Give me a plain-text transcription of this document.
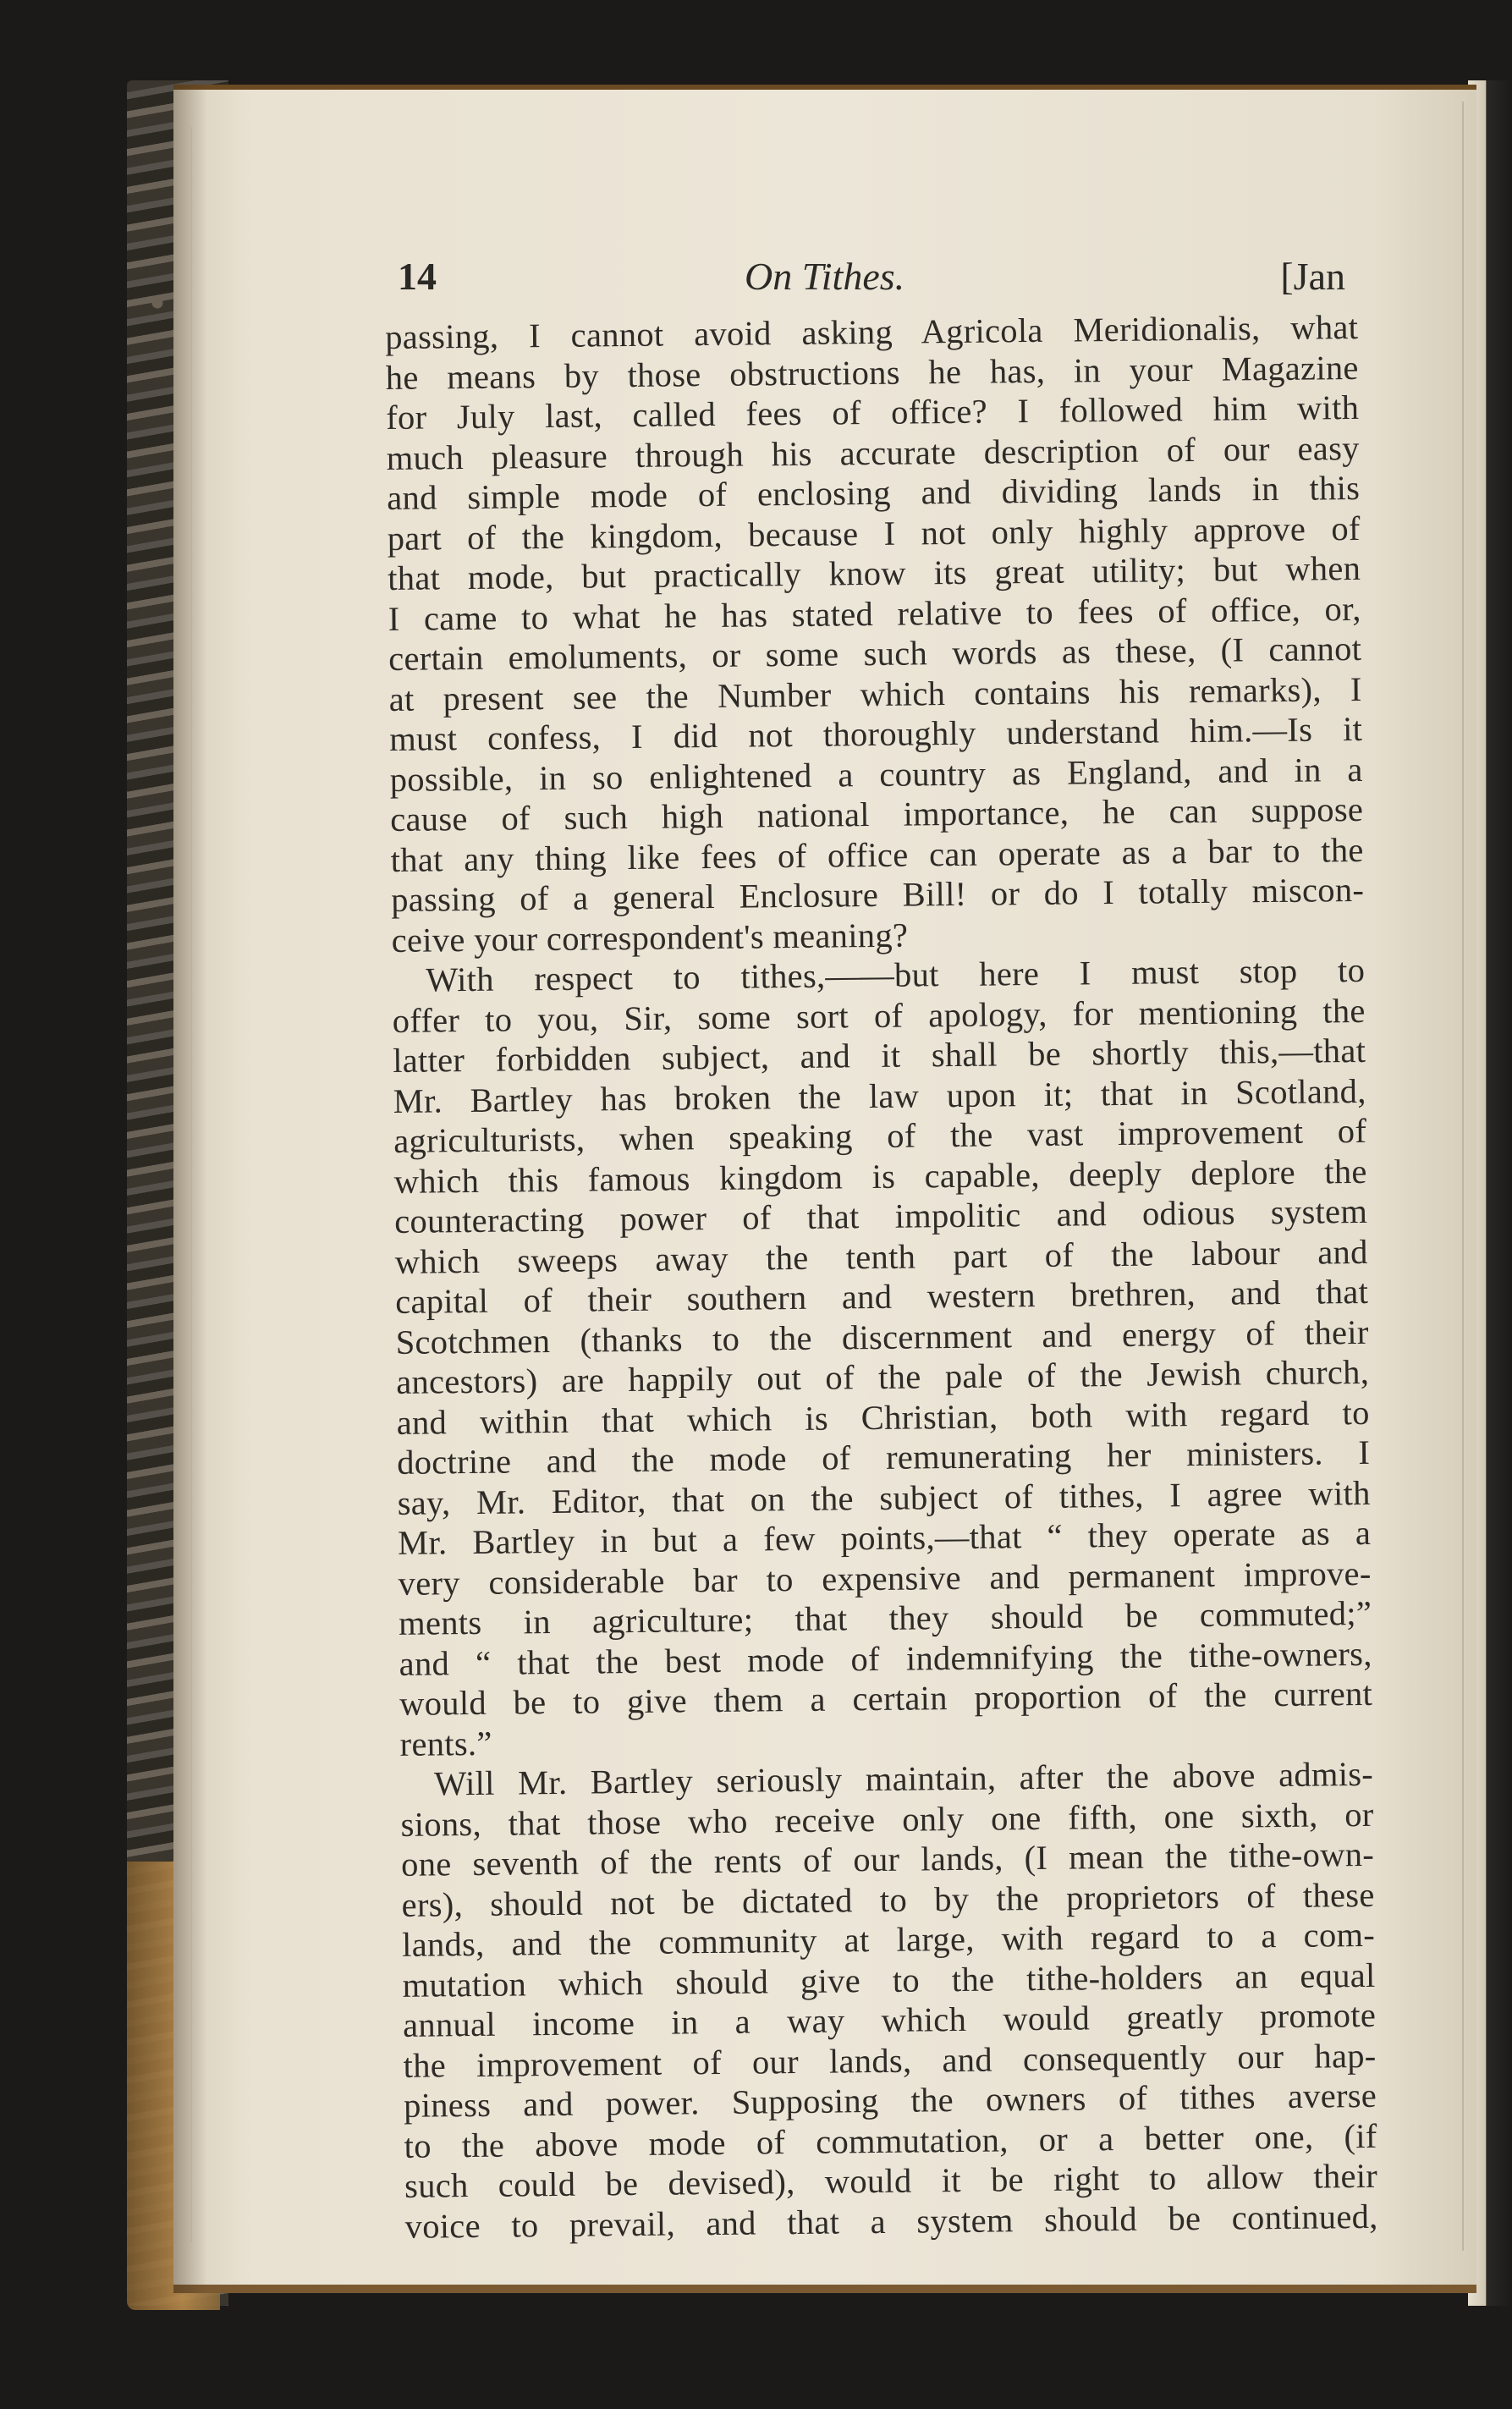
14	On Tithes.	[Jan
passing, I cannot avoid asking Agricola Meridionalis, what
he means by those obstructions he has, in your Magazine
for July last, called fees of office? I followed him with
much pleasure through his accurate description of our easy
and simple mode of enclosing and dividing lands in this
part of the kingdom, because I not only highly approve of
that mode, but practically know its great utility; but when
I came to what he has stated relative to fees of office, or,
certain emoluments, or some such words as these, (I cannot
at present see the Number which contains his remarks), I
must confess, I did not thoroughly understand him.—Is it
possible, in so enlightened a country as England, and in a
cause of such high national importance, he can suppose
that any thing like fees of office can operate as a bar to the
passing of a general Enclosure Bill! or do I totally miscon-
ceive your correspondent's meaning?
With respect to tithes,——but here I must stop to
offer to you, Sir, some sort of apology, for mentioning the
latter forbidden subject, and it shall be shortly this,—that
Mr. Bartley has broken the law upon it; that in Scotland,
agriculturists, when speaking of the vast improvement of
which this famous kingdom is capable, deeply deplore the
counteracting power of that impolitic and odious system
which sweeps away the tenth part of the labour and
capital of their southern and western brethren, and that
Scotchmen (thanks to the discernment and energy of their
ancestors) are happily out of the pale of the Jewish church,
and within that which is Christian, both with regard to
doctrine and the mode of remunerating her ministers. I
say, Mr. Editor, that on the subject of tithes, I agree with
Mr. Bartley in but a few points,—that “ they operate as a
very considerable bar to expensive and permanent improve-
ments in agriculture; that they should be commuted;”
and “ that the best mode of indemnifying the tithe-owners,
would be to give them a certain proportion of the current
rents.”
Will Mr. Bartley seriously maintain, after the above admis-
sions, that those who receive only one fifth, one sixth, or
one seventh of the rents of our lands, (I mean the tithe-own-
ers), should not be dictated to by the proprietors of these
lands, and the community at large, with regard to a com-
mutation which should give to the tithe-holders an equal
annual income in a way which would greatly promote
the improvement of our lands, and consequently our hap-
piness and power. Supposing the owners of tithes averse
to the above mode of commutation, or a better one, (if
such could be devised), would it be right to allow their
voice to prevail, and that a system should be continued,
